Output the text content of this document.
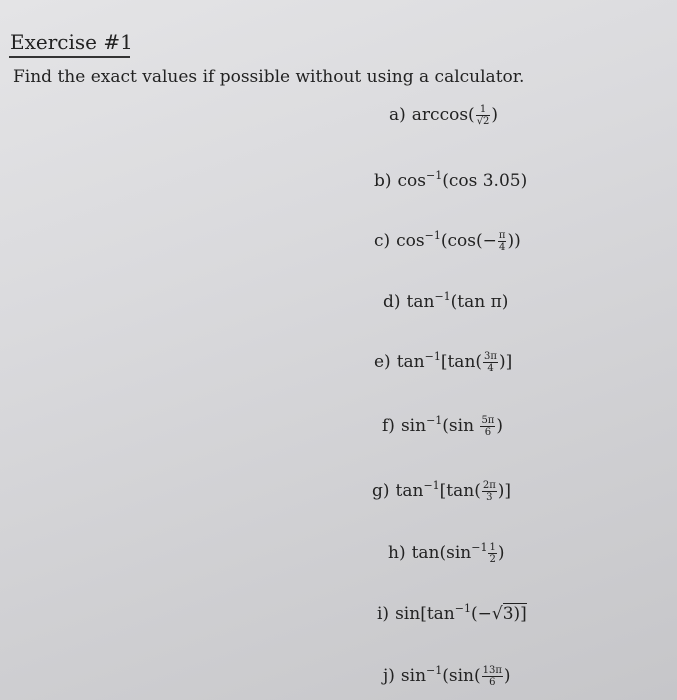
Exercise #1
Find the exact values if possible without using a calculator.
a) $\arccos( \frac{1}{√2}$ )
b) $\cos^{-1}(\cos$ 3.05)
c) $\cos^{-1}(\cos(- \frac{\pi}{4}$ ))
d) $\tan^{-1}(\tan$ π)
e) $\tan^{-1}[\tan( \frac{3\pi}{4}$ )]
f) $\sin^{-1}(\sin \frac{5\pi}{6}$ )
g) $\tan^{-1}[\tan( \frac{2\pi}{3}$ )]
h) $\tan(\sin^{-1} \frac{1}{2}$ )
i) $\sin[\tan^{-1}(-√3)]$
j) $\sin^{-1}(\sin( \frac{13\pi}{6}$ )
